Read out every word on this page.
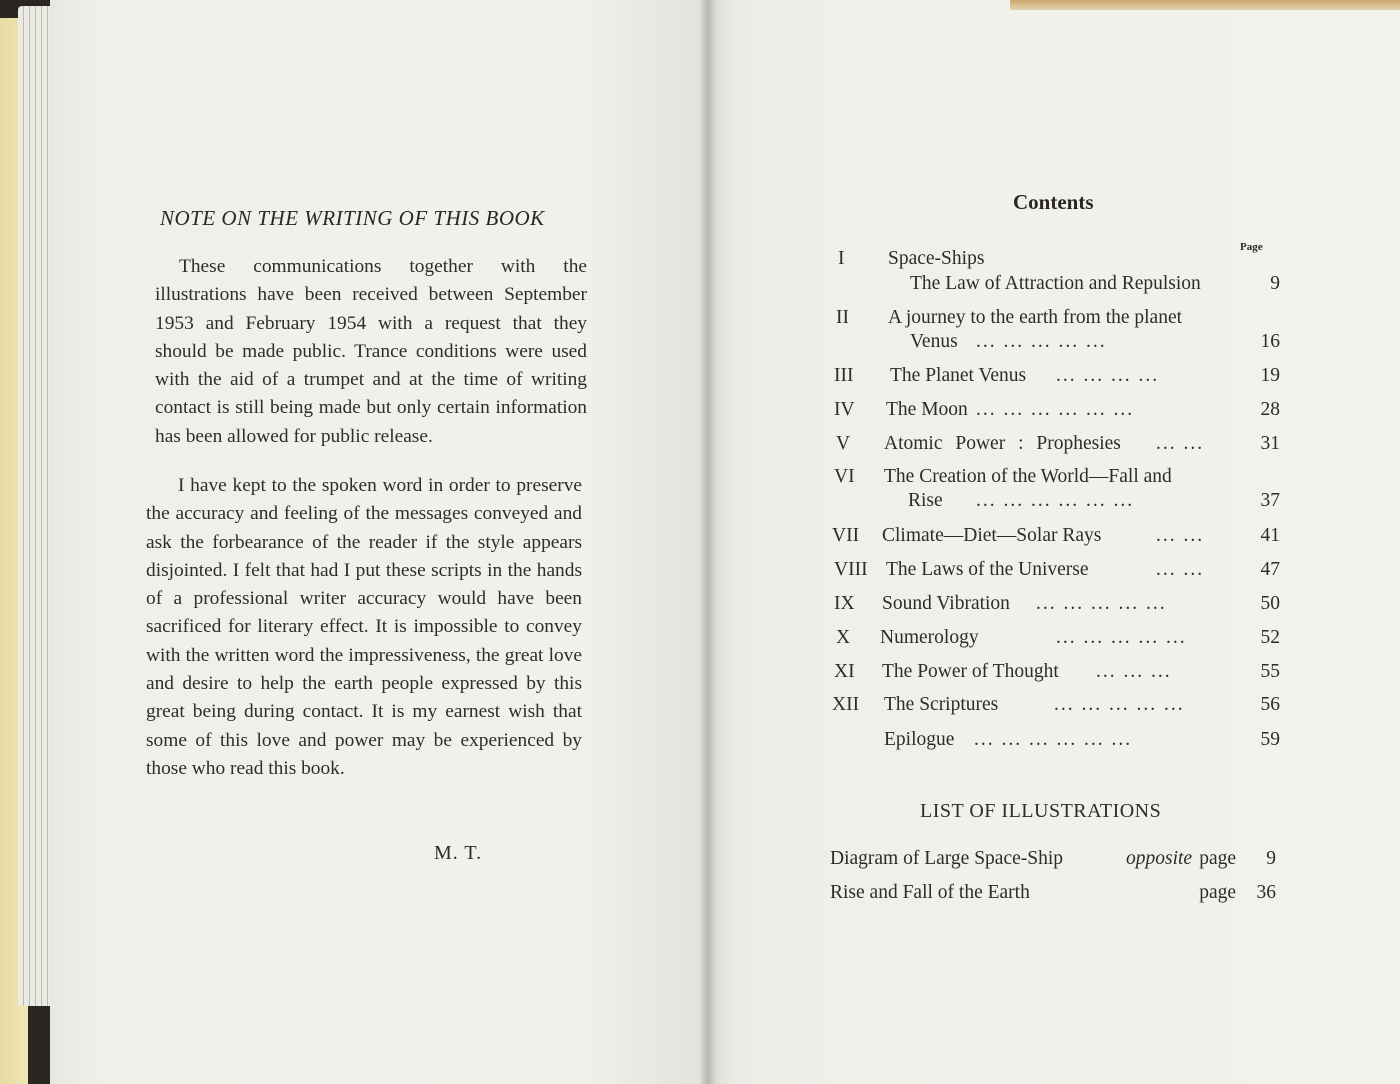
NOTE ON THE WRITING OF THIS BOOK
These communications together with the illustrations have been received between September 1953 and February 1954 with a request that they should be made public. Trance conditions were used with the aid of a trumpet and at the time of writing contact is still being made but only certain information has been allowed for public release.
I have kept to the spoken word in order to preserve the accuracy and feeling of the messages conveyed and ask the forbearance of the reader if the style appears disjointed. I felt that had I put these scripts in the hands of a professional writer accuracy would have been sacrificed for literary effect. It is impossible to convey with the written word the impressiveness, the great love and desire to help the earth people expressed by this great being during contact. It is my earnest wish that some of this love and power may be experienced by those who read this book.
M. T.
Contents
Page
I Space-Ships
The Law of Attraction and Repulsion	9
II A journey to the earth from the planet
Venus ... ... ... ... ...	16
III The Planet Venus ... ... ... ...	19
IV The Moon ... ... ... ... ... ...	28
V Atomic Power : Prophesies ... ...	31
VI The Creation of the World—Fall and
Rise ... ... ... ... ... ...	37
VII Climate—Diet—Solar Rays	... ...	41
VIII The Laws of the Universe	... ...	47
IX Sound Vibration ... ... ... ... ...	50
X Numerology	... ... ... ... ...	52
XI The Power of Thought ... ... ...	55
XII The Scriptures	... ... ... ... ...	56
Epilogue ... ... ... ... ... ...	59
LIST OF ILLUSTRATIONS
Diagram of Large Space-Ship	opposite page 9
Rise and Fall of the Earth	page 36
